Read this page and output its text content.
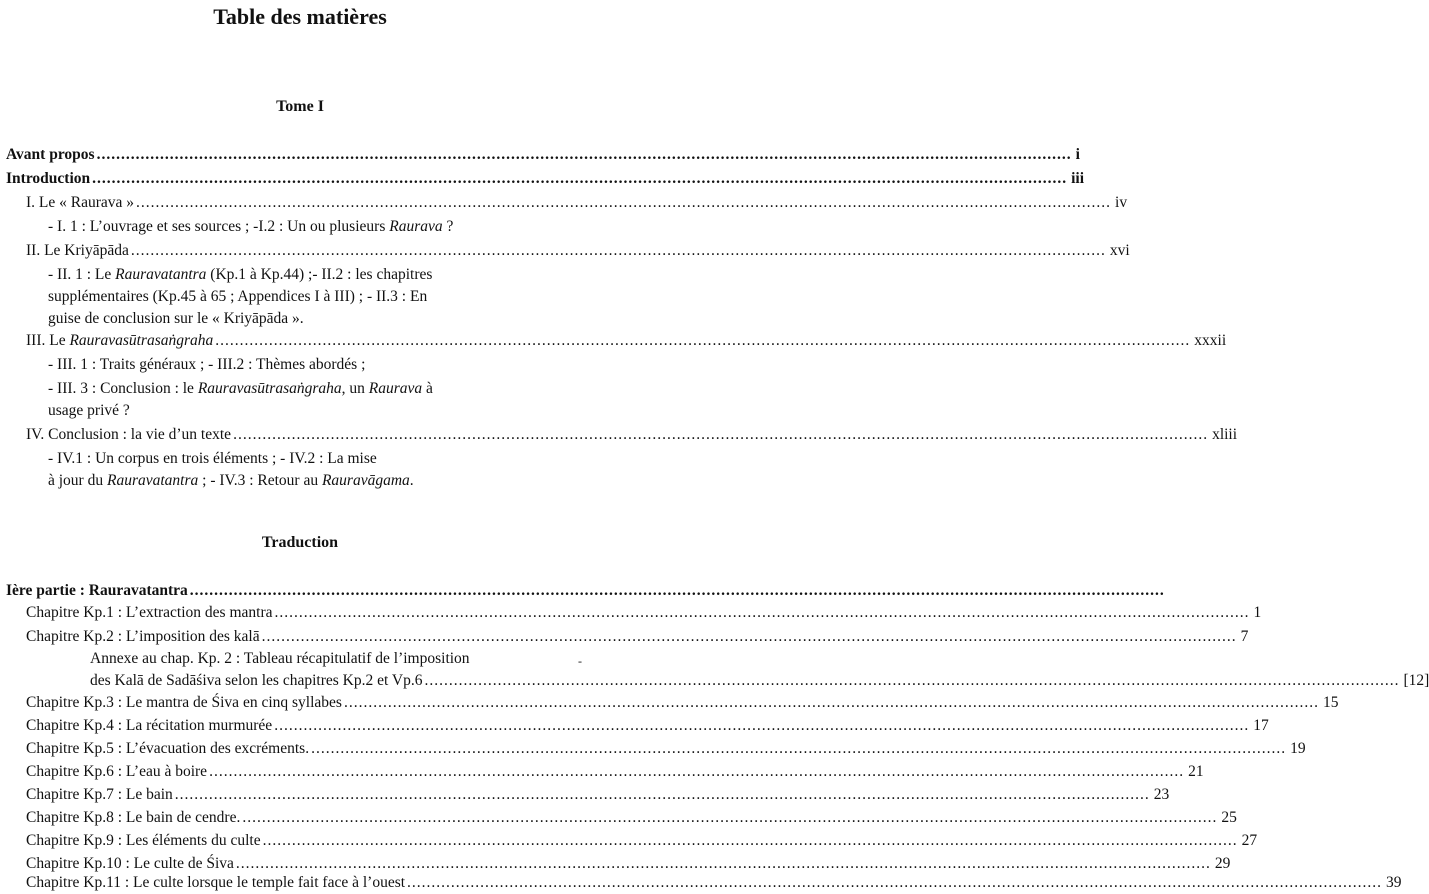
Table des matières
Tome I
Avant propos ........................................................................................................................................................................................................ i
Introduction ........................................................................................................................................................................................................ iii
I. Le « Raurava » ........................................................................................................................................................................................................ iv
- I. 1 : L’ouvrage et ses sources ; -I.2 : Un ou plusieurs Raurava ?
II. Le Kriyāpāda ........................................................................................................................................................................................................ xvi
- II. 1 : Le Rauravatantra (Kp.1 à Kp.44) ;- II.2 : les chapitres
supplémentaires (Kp.45 à 65 ; Appendices I à III) ; - II.3 : En
guise de conclusion sur le « Kriyāpāda ».
III. Le Rauravasūtrasaṅgraha ........................................................................................................................................................................................................ xxxii
- III. 1 : Traits généraux ; - III.2 : Thèmes abordés ;
- III. 3 : Conclusion : le Rauravasūtrasaṅgraha, un Raurava à
usage privé ?
IV. Conclusion : la vie d’un texte ........................................................................................................................................................................................................ xliii
- IV.1 : Un corpus en trois éléments ; - IV.2 : La mise
à jour du Rauravatantra ; - IV.3 : Retour au Rauravāgama.
Traduction
Ière partie : Rauravatantra ........................................................................................................................................................................................................
Chapitre Kp.1 : L’extraction des mantra ........................................................................................................................................................................................................ 1
Chapitre Kp.2 : L’imposition des kalā ........................................................................................................................................................................................................ 7
Annexe au chap. Kp. 2 : Tableau récapitulatif de l’imposition	-
des Kalā de Sadāśiva selon les chapitres Kp.2 et Vp.6 ........................................................................................................................................................................................................ [12]
Chapitre Kp.3 : Le mantra de Śiva en cinq syllabes ........................................................................................................................................................................................................ 15
Chapitre Kp.4 : La récitation murmurée ........................................................................................................................................................................................................ 17
Chapitre Kp.5 : L’évacuation des excréments. ........................................................................................................................................................................................................ 19
Chapitre Kp.6 : L’eau à boire ........................................................................................................................................................................................................ 21
Chapitre Kp.7 : Le bain ........................................................................................................................................................................................................ 23
Chapitre Kp.8 : Le bain de cendre. ........................................................................................................................................................................................................ 25
Chapitre Kp.9 : Les éléments du culte ........................................................................................................................................................................................................ 27
Chapitre Kp.10 : Le culte de Śiva ........................................................................................................................................................................................................ 29
Chapitre Kp.11 : Le culte lorsque le temple fait face à l’ouest ........................................................................................................................................................................................................ 39
